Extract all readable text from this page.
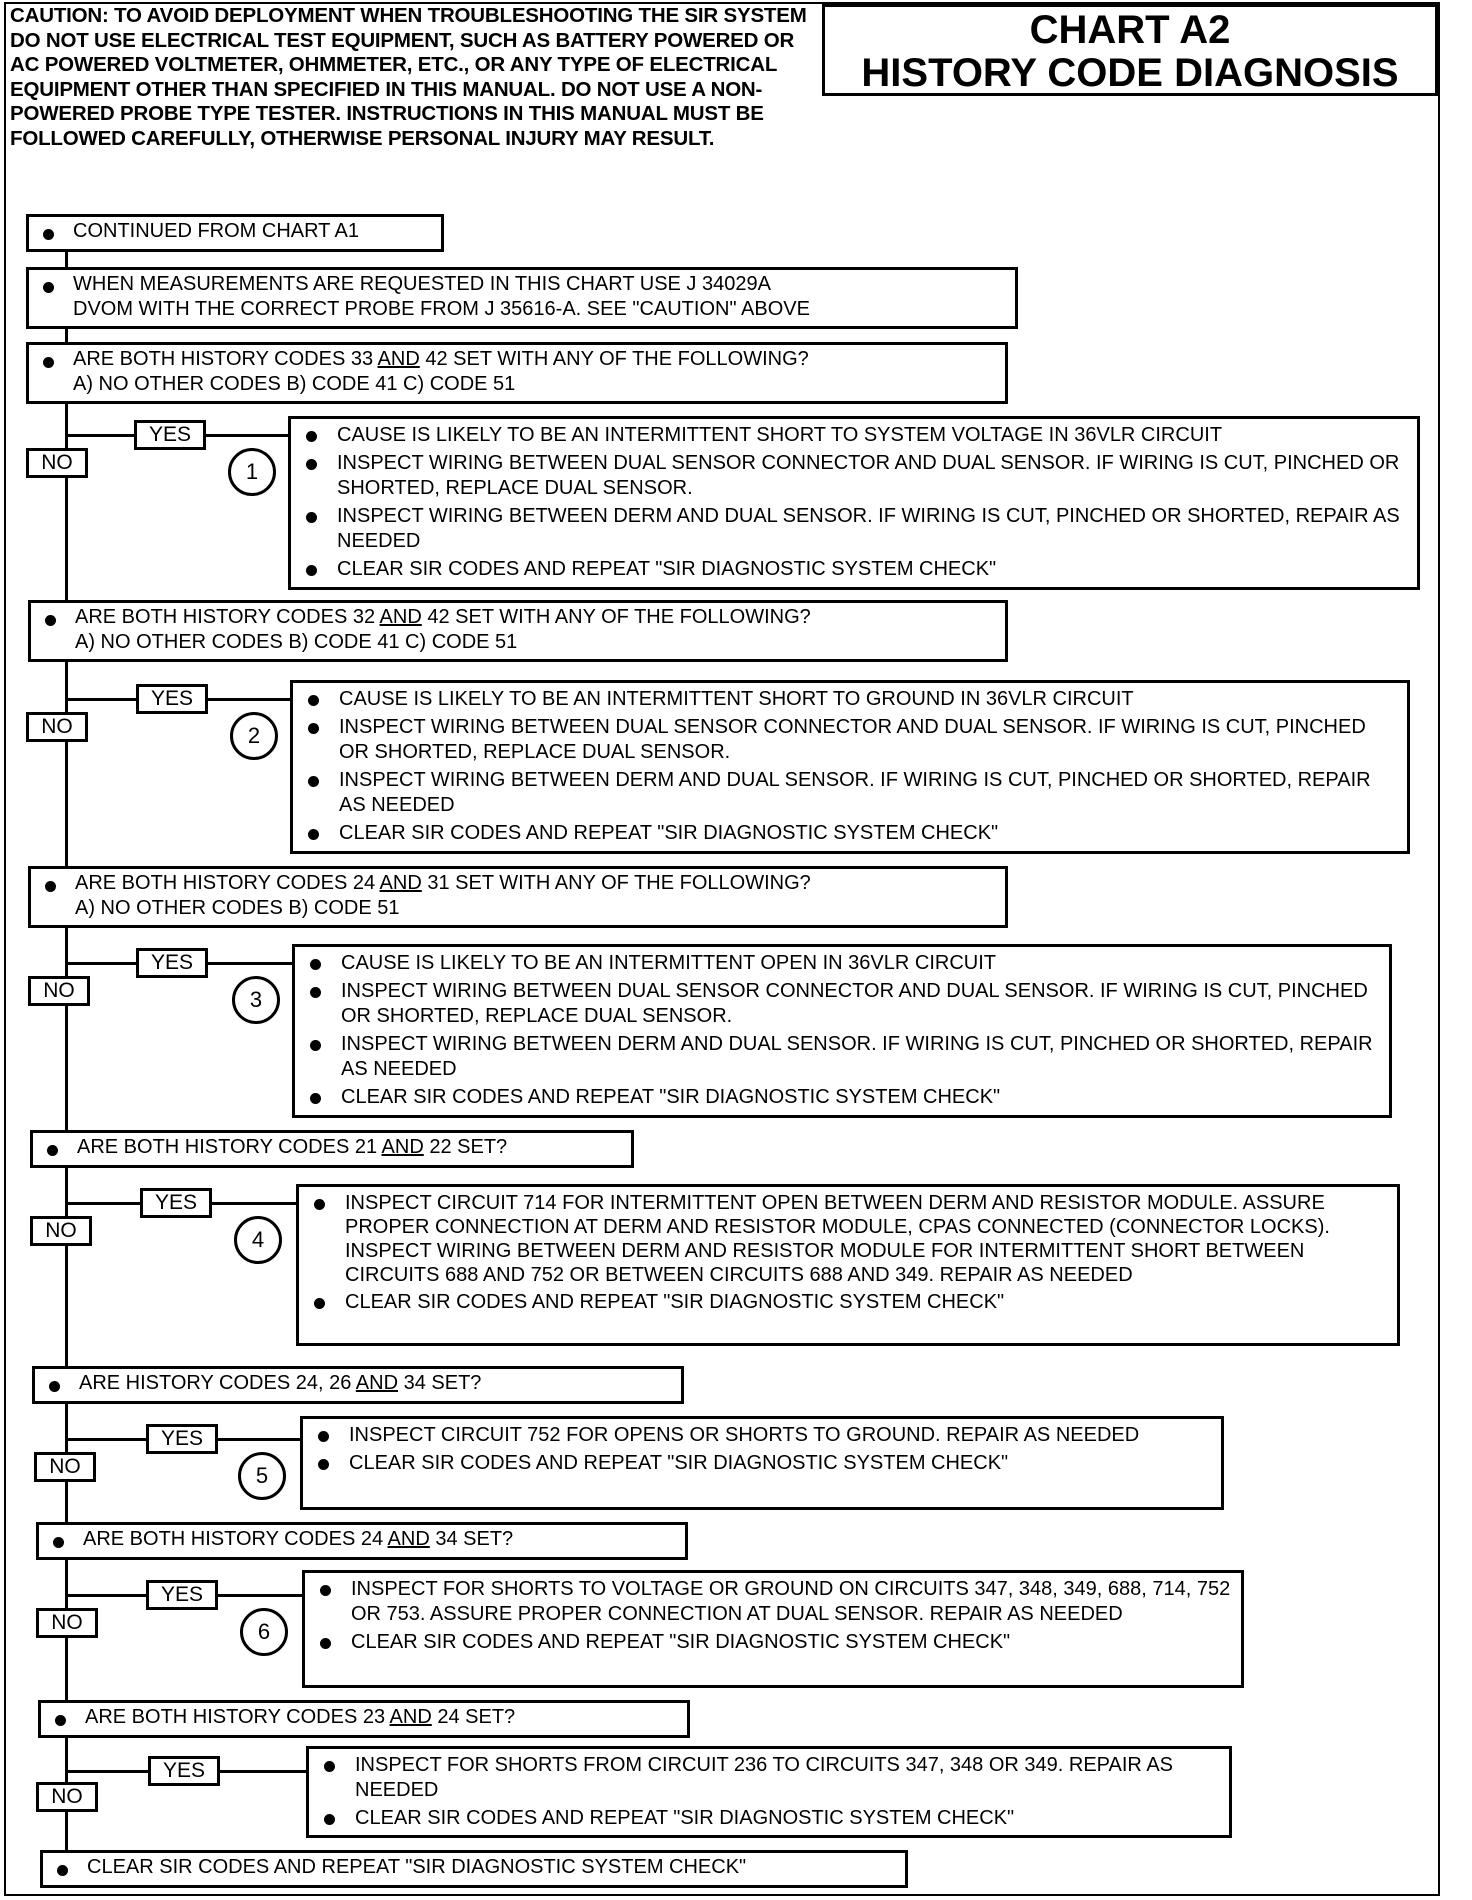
CAUTION: TO AVOID DEPLOYMENT WHEN TROUBLESHOOTING THE SIR SYSTEM DO NOT USE ELECTRICAL TEST EQUIPMENT, SUCH AS BATTERY POWERED OR AC POWERED VOLTMETER, OHMMETER, ETC., OR ANY TYPE OF ELECTRICAL EQUIPMENT OTHER THAN SPECIFIED IN THIS MANUAL. DO NOT USE A NON-POWERED PROBE TYPE TESTER. INSTRUCTIONS IN THIS MANUAL MUST BE FOLLOWED CAREFULLY, OTHERWISE PERSONAL INJURY MAY RESULT.
CHART A2
HISTORY CODE DIAGNOSIS
CONTINUED FROM CHART A1
WHEN MEASUREMENTS ARE REQUESTED IN THIS CHART USE J 34029A
DVOM WITH THE CORRECT PROBE FROM J 35616-A. SEE "CAUTION" ABOVE
ARE BOTH HISTORY CODES 33 AND 42 SET WITH ANY OF THE FOLLOWING?
A) NO OTHER CODES B) CODE 41 C) CODE 51
YES
NO	1
CAUSE IS LIKELY TO BE AN INTERMITTENT SHORT TO SYSTEM VOLTAGE IN 36VLR CIRCUIT
INSPECT WIRING BETWEEN DUAL SENSOR CONNECTOR AND DUAL SENSOR. IF WIRING IS CUT, PINCHED OR SHORTED, REPLACE DUAL SENSOR.
INSPECT WIRING BETWEEN DERM AND DUAL SENSOR. IF WIRING IS CUT, PINCHED OR SHORTED, REPAIR AS NEEDED
CLEAR SIR CODES AND REPEAT "SIR DIAGNOSTIC SYSTEM CHECK"
ARE BOTH HISTORY CODES 32 AND 42 SET WITH ANY OF THE FOLLOWING?
A) NO OTHER CODES B) CODE 41 C) CODE 51
YES
NO	2
CAUSE IS LIKELY TO BE AN INTERMITTENT SHORT TO GROUND IN 36VLR CIRCUIT
INSPECT WIRING BETWEEN DUAL SENSOR CONNECTOR AND DUAL SENSOR. IF WIRING IS CUT, PINCHED OR SHORTED, REPLACE DUAL SENSOR.
INSPECT WIRING BETWEEN DERM AND DUAL SENSOR. IF WIRING IS CUT, PINCHED OR SHORTED, REPAIR AS NEEDED
CLEAR SIR CODES AND REPEAT "SIR DIAGNOSTIC SYSTEM CHECK"
ARE BOTH HISTORY CODES 24 AND 31 SET WITH ANY OF THE FOLLOWING?
A) NO OTHER CODES B) CODE 51
YES
NO	3
CAUSE IS LIKELY TO BE AN INTERMITTENT OPEN IN 36VLR CIRCUIT
INSPECT WIRING BETWEEN DUAL SENSOR CONNECTOR AND DUAL SENSOR. IF WIRING IS CUT, PINCHED OR SHORTED, REPLACE DUAL SENSOR.
INSPECT WIRING BETWEEN DERM AND DUAL SENSOR. IF WIRING IS CUT, PINCHED OR SHORTED, REPAIR AS NEEDED
CLEAR SIR CODES AND REPEAT "SIR DIAGNOSTIC SYSTEM CHECK"
ARE BOTH HISTORY CODES 21 AND 22 SET?
YES
NO	4
INSPECT CIRCUIT 714 FOR INTERMITTENT OPEN BETWEEN DERM AND RESISTOR MODULE. ASSURE PROPER CONNECTION AT DERM AND RESISTOR MODULE, CPAS CONNECTED (CONNECTOR LOCKS). INSPECT WIRING BETWEEN DERM AND RESISTOR MODULE FOR INTERMITTENT SHORT BETWEEN CIRCUITS 688 AND 752 OR BETWEEN CIRCUITS 688 AND 349. REPAIR AS NEEDED
CLEAR SIR CODES AND REPEAT "SIR DIAGNOSTIC SYSTEM CHECK"
ARE HISTORY CODES 24, 26 AND 34 SET?
YES
NO	5
INSPECT CIRCUIT 752 FOR OPENS OR SHORTS TO GROUND. REPAIR AS NEEDED
CLEAR SIR CODES AND REPEAT "SIR DIAGNOSTIC SYSTEM CHECK"
ARE BOTH HISTORY CODES 24 AND 34 SET?
YES
NO	6
INSPECT FOR SHORTS TO VOLTAGE OR GROUND ON CIRCUITS 347, 348, 349, 688, 714, 752 OR 753. ASSURE PROPER CONNECTION AT DUAL SENSOR. REPAIR AS NEEDED
CLEAR SIR CODES AND REPEAT "SIR DIAGNOSTIC SYSTEM CHECK"
ARE BOTH HISTORY CODES 23 AND 24 SET?
YES
NO
INSPECT FOR SHORTS FROM CIRCUIT 236 TO CIRCUITS 347, 348 OR 349. REPAIR AS NEEDED
CLEAR SIR CODES AND REPEAT "SIR DIAGNOSTIC SYSTEM CHECK"
CLEAR SIR CODES AND REPEAT "SIR DIAGNOSTIC SYSTEM CHECK"
